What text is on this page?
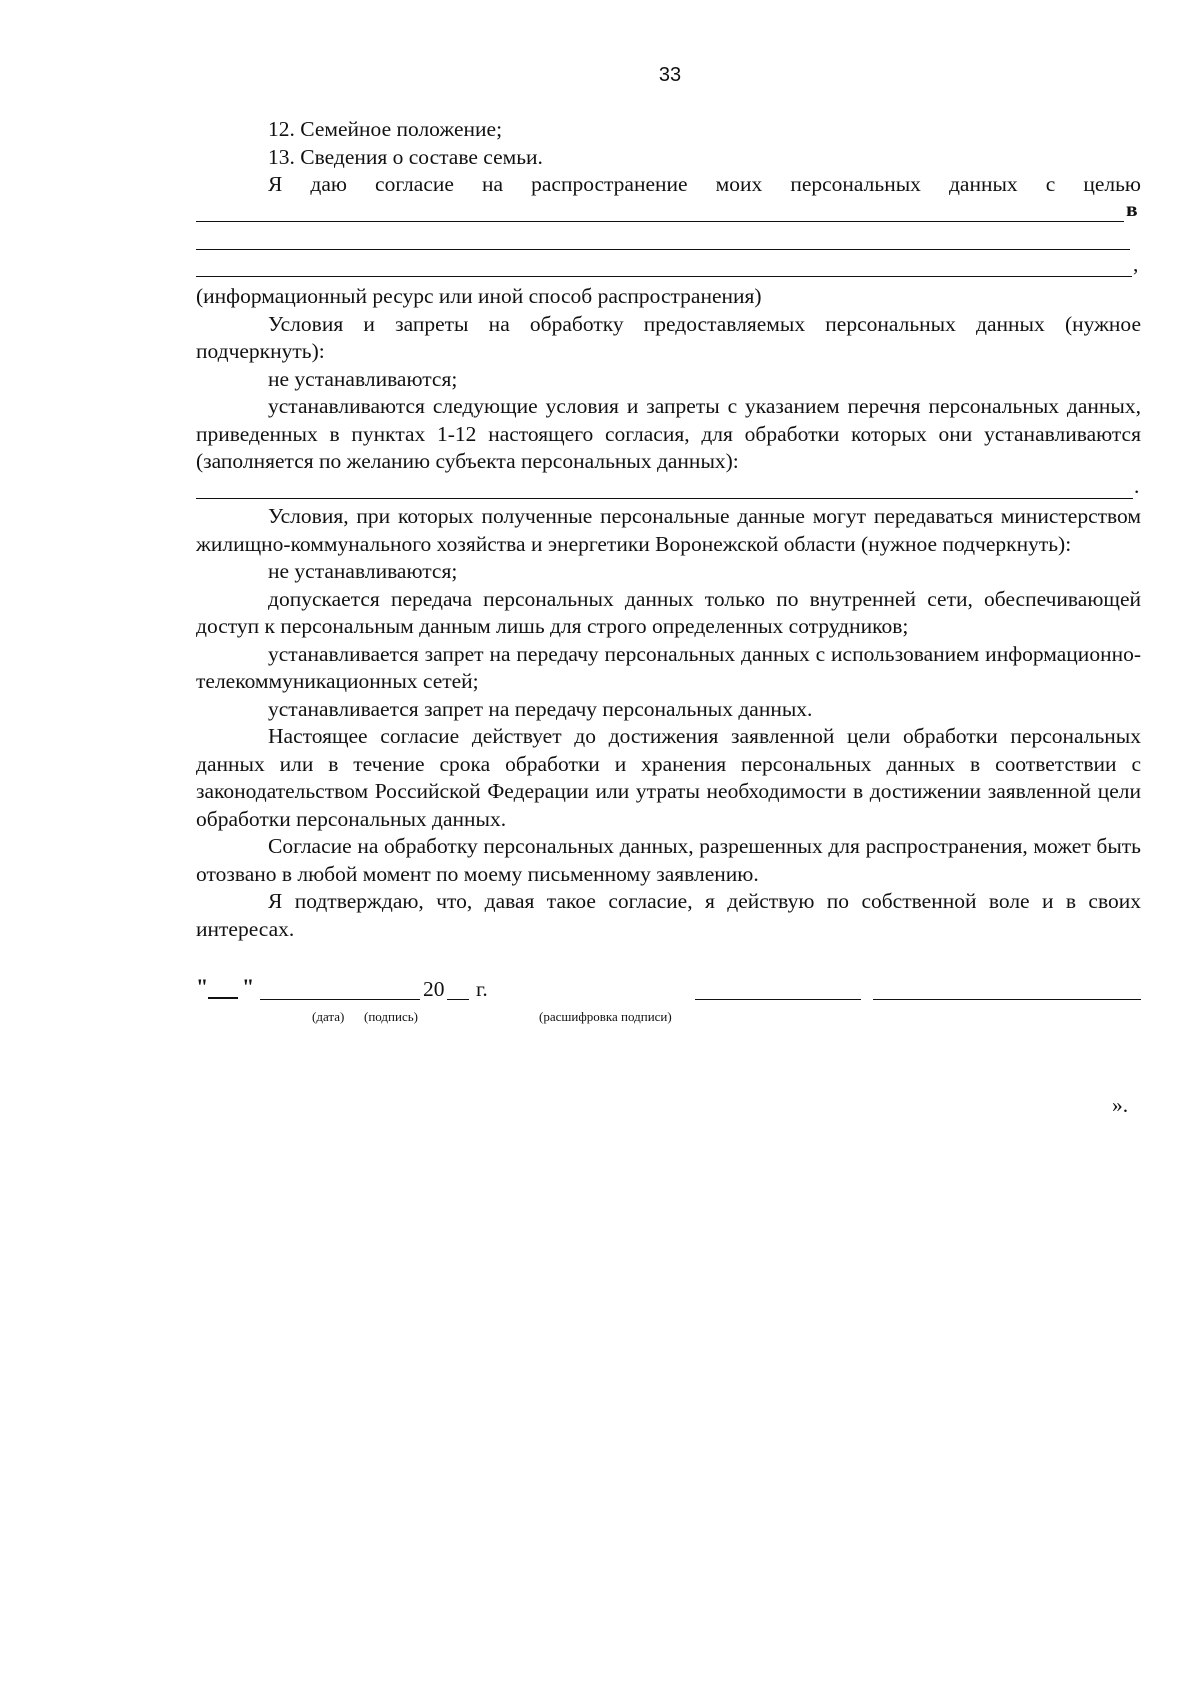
33

12. Семейное положение;

13. Сведения о составе семьи.

Я даю согласие на распространение моих персональных данных с целью

в
,

(информационный ресурс или иной способ распространения)

Условия и запреты на обработку предоставляемых персональных данных (нужное подчеркнуть):

не устанавливаются;

устанавливаются следующие условия и запреты с указанием перечня персональных данных, приведенных в пунктах 1-12 настоящего согласия, для обработки которых они устанавливаются (заполняется по желанию субъекта персональных данных):

.

Условия, при которых полученные персональные данные могут передаваться министерством жилищно-коммунального хозяйства и энергетики Воронежской области (нужное подчеркнуть):

не устанавливаются;

допускается передача персональных данных только по внутренней сети, обеспечивающей доступ к персональным данным лишь для строго определенных сотрудников;

устанавливается запрет на передачу персональных данных с использованием информационно-телекоммуникационных сетей;

устанавливается запрет на передачу персональных данных.

Настоящее согласие действует до достижения заявленной цели обработки персональных данных или в течение срока обработки и хранения персональных данных в соответствии с законодательством Российской Федерации или утраты необходимости в достижении заявленной цели обработки персональных данных.

Согласие на обработку персональных данных, разрешенных для распространения, может быть отозвано в любой момент по моему письменному заявлению.

Я подтверждаю, что, давая такое согласие, я действую по собственной воле и в своих интересах.

" "	20 г.
(дата) (подпись)	(расшифровка подписи)
».
